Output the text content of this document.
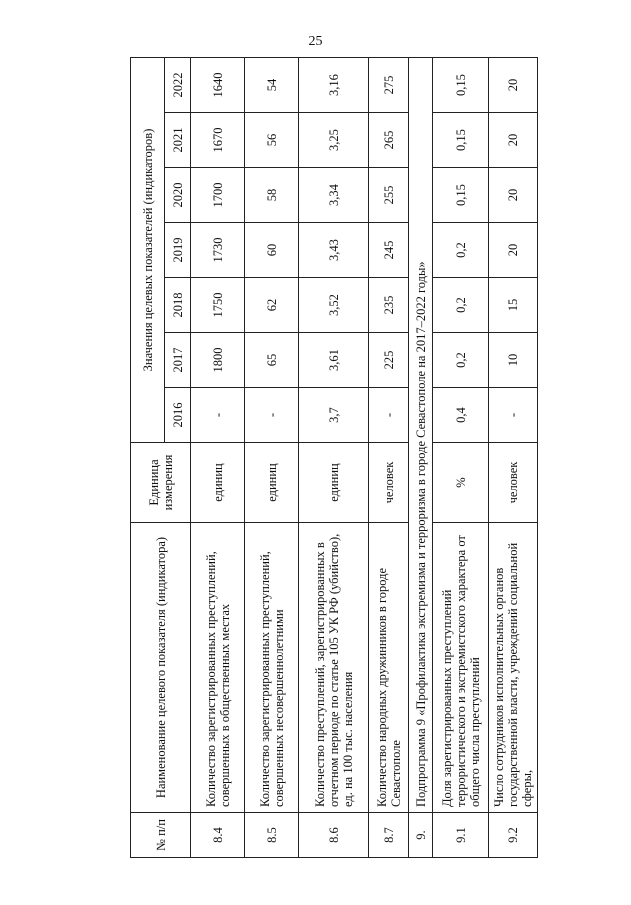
25
№ п/п	Наименование целевого показателя (индикатора)	Единица измерения	Значения целевых показателей (индикаторов)						
			2016	2017	2018	2019	2020	2021	2022
8.4	Количество зарегистрированных преступлений, совершенных в общественных местах	единиц	-	1800	1750	1730	1700	1670	1640
8.5	Количество зарегистрированных преступлений, совершенных несовершеннолетними	единиц	-	65	62	60	58	56	54
8.6	Количество преступлений, зарегистрированных в отчетном периоде по статье 105 УК РФ (убийство), ед. на 100 тыс. населения	единиц	3,7	3,61	3,52	3,43	3,34	3,25	3,16
8.7	Количество народных дружинников в городе Севастополе	человек	-	225	235	245	255	265	275
9.	Подпрограмма 9 «Профилактика экстремизма и терроризма в городе Севастополе на 2017–2022 годы»								
9.1	Доля зарегистрированных преступлений террористического и экстремистского характера от общего числа преступлений	%	0,4	0,2	0,2	0,2	0,15	0,15	0,15
9.2	Число сотрудников исполнительных органов государственной власти, учреждений социальной сферы,	человек	-	10	15	20	20	20	20
